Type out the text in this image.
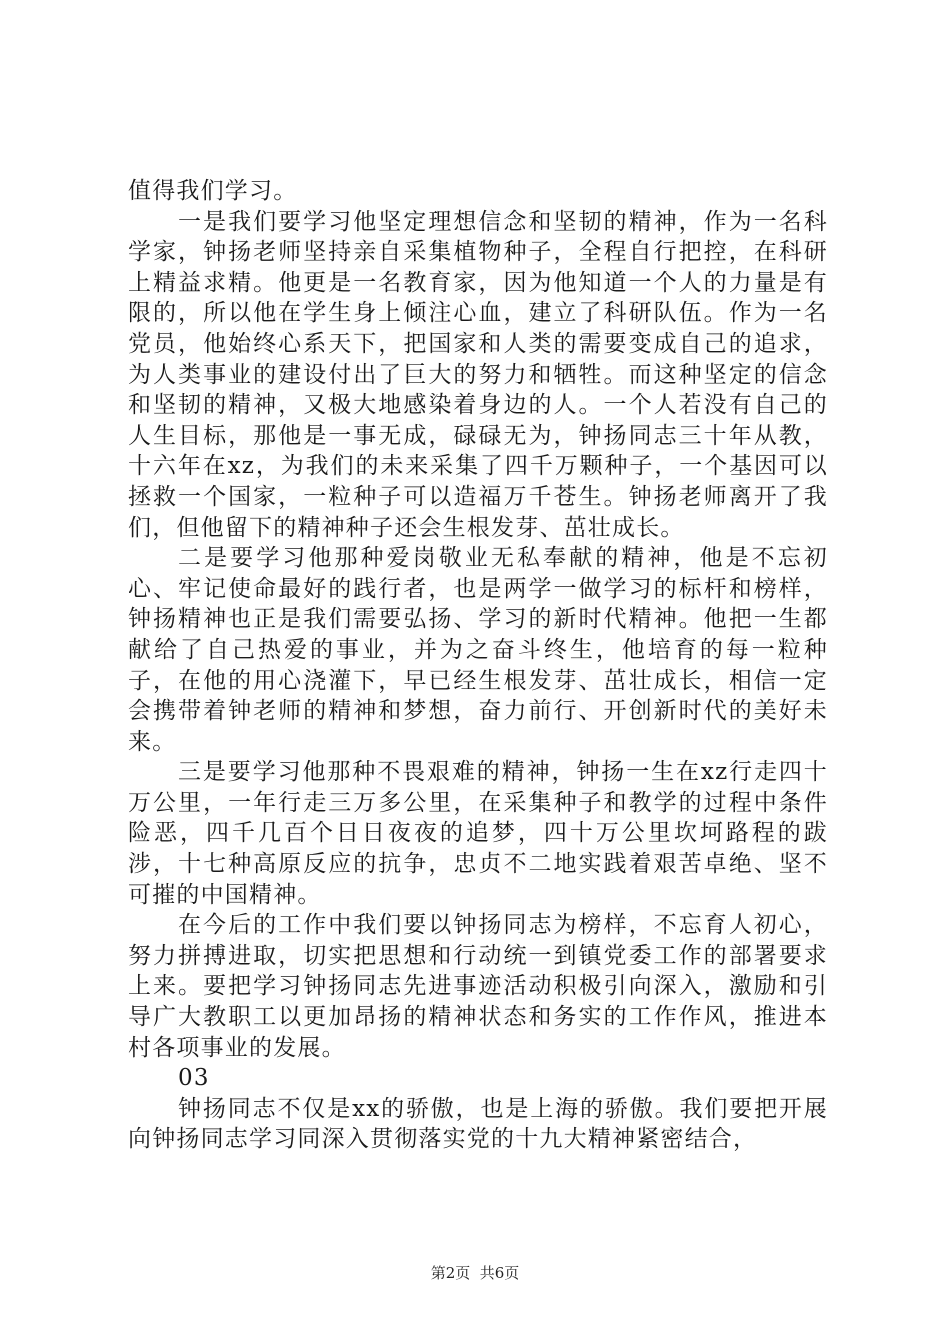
值得我们学习。

一是我们要学习他坚定理想信念和坚韧的精神，作为一名科学家，钟扬老师坚持亲自采集植物种子，全程自行把控，在科研上精益求精。他更是一名教育家，因为他知道一个人的力量是有限的，所以他在学生身上倾注心血，建立了科研队伍。作为一名党员，他始终心系天下，把国家和人类的需要变成自己的追求，为人类事业的建设付出了巨大的努力和牺牲。而这种坚定的信念和坚韧的精神，又极大地感染着身边的人。一个人若没有自己的人生目标，那他是一事无成，碌碌无为，钟扬同志三十年从教，十六年在xz，为我们的未来采集了四千万颗种子，一个基因可以拯救一个国家，一粒种子可以造福万千苍生。钟扬老师离开了我们，但他留下的精神种子还会生根发芽、茁壮成长。

二是要学习他那种爱岗敬业无私奉献的精神，他是不忘初心、牢记使命最好的践行者，也是两学一做学习的标杆和榜样，钟扬精神也正是我们需要弘扬、学习的新时代精神。他把一生都献给了自己热爱的事业，并为之奋斗终生，他培育的每一粒种子，在他的用心浇灌下，早已经生根发芽、茁壮成长，相信一定会携带着钟老师的精神和梦想，奋力前行、开创新时代的美好未来。

三是要学习他那种不畏艰难的精神，钟扬一生在xz行走四十万公里，一年行走三万多公里，在采集种子和教学的过程中条件险恶，四千几百个日日夜夜的追梦，四十万公里坎坷路程的跋涉，十七种高原反应的抗争，忠贞不二地实践着艰苦卓绝、坚不可摧的中国精神。

在今后的工作中我们要以钟扬同志为榜样，不忘育人初心，努力拼搏进取，切实把思想和行动统一到镇党委工作的部署要求上来。要把学习钟扬同志先进事迹活动积极引向深入，激励和引导广大教职工以更加昂扬的精神状态和务实的工作作风，推进本村各项事业的发展。

03

钟扬同志不仅是xx的骄傲，也是上海的骄傲。我们要把开展向钟扬同志学习同深入贯彻落实党的十九大精神紧密结合，

第2页  共6页
